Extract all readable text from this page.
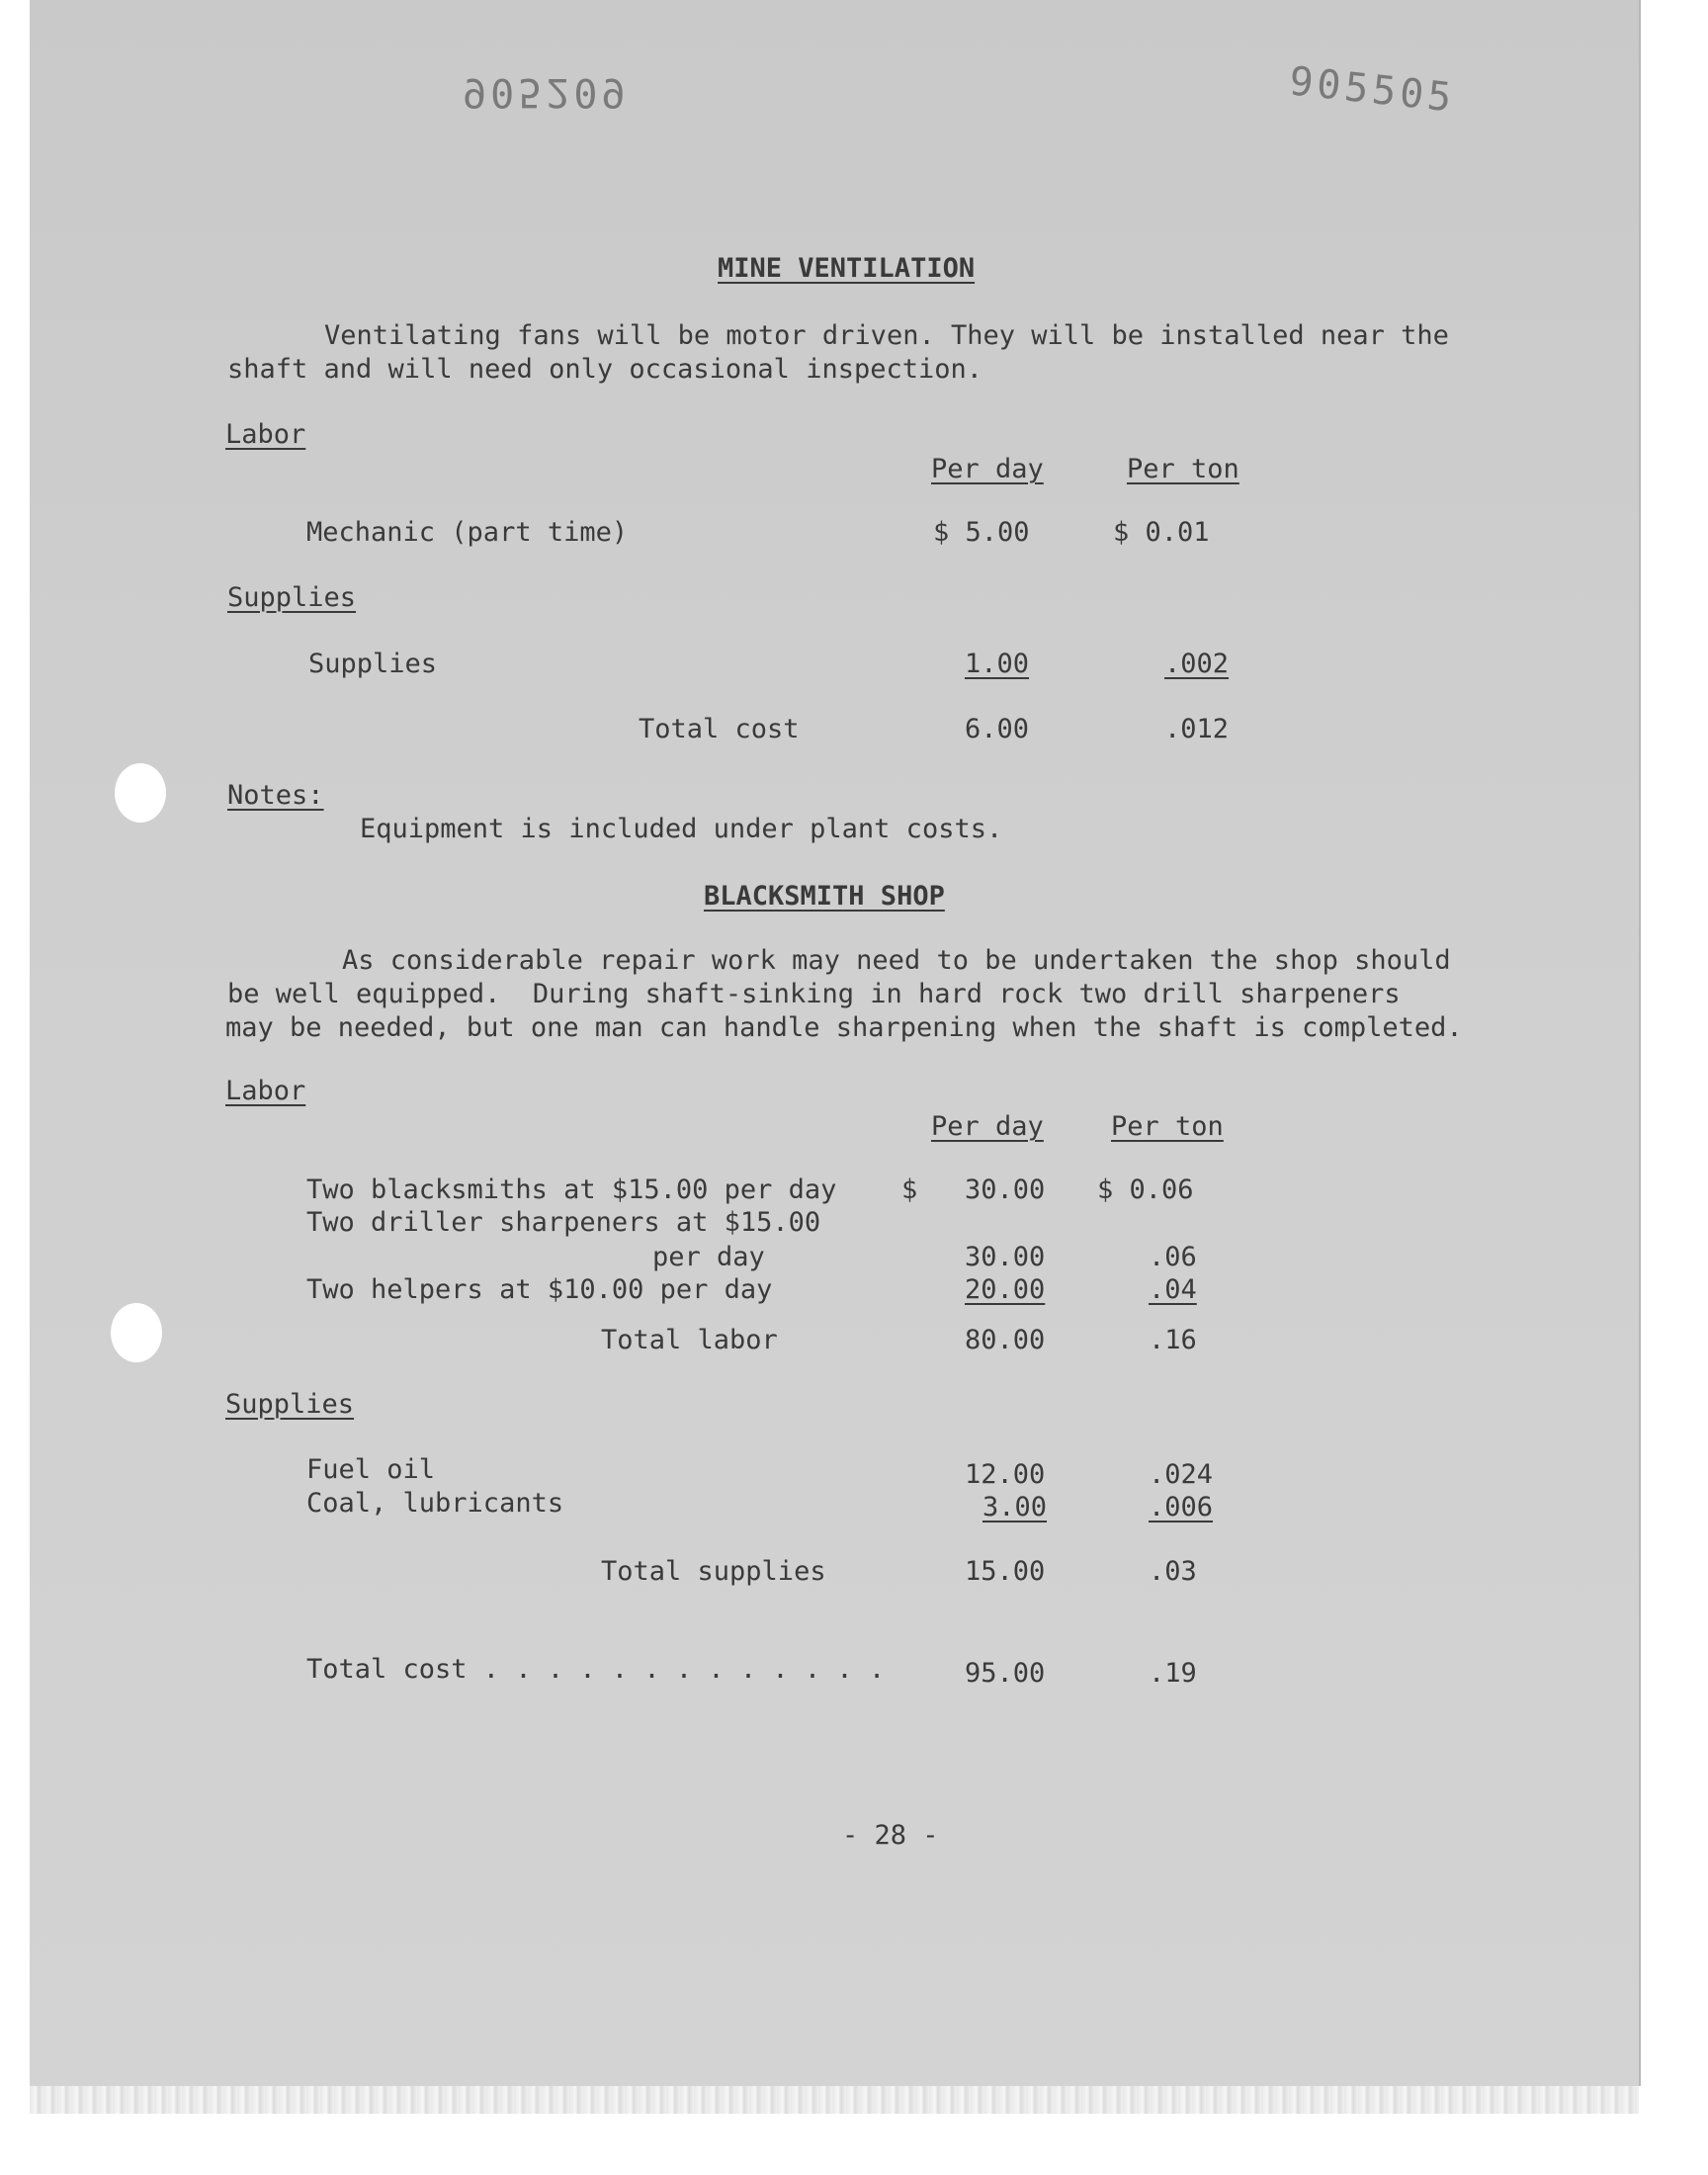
905209	905505
MINE VENTILATION
Ventilating fans will be motor driven. They will be installed near the
shaft and will need only occasional inspection.
Labor
Per day	Per ton
Mechanic (part time)	$ 5.00	$ 0.01
Supplies
Supplies	1.00	.002
Total cost	6.00	.012
Notes:
Equipment is included under plant costs.
BLACKSMITH SHOP
As considerable repair work may need to be undertaken the shop should
be well equipped.  During shaft-sinking in hard rock two drill sharpeners
may be needed, but one man can handle sharpening when the shaft is completed.
Labor
Per day	Per ton
Two blacksmiths at $15.00 per day $ 30.00 $ 0.06
Two driller sharpeners at $15.00
per day	30.00	.06
Two helpers at $10.00 per day	20.00	.04
Total labor	80.00	.16
Supplies
Fuel oil	12.00	.024
Coal, lubricants	3.00	.006
Total supplies	15.00	.03
Total cost . . . . . . . . . . . . .	95.00	.19
- 28 -
